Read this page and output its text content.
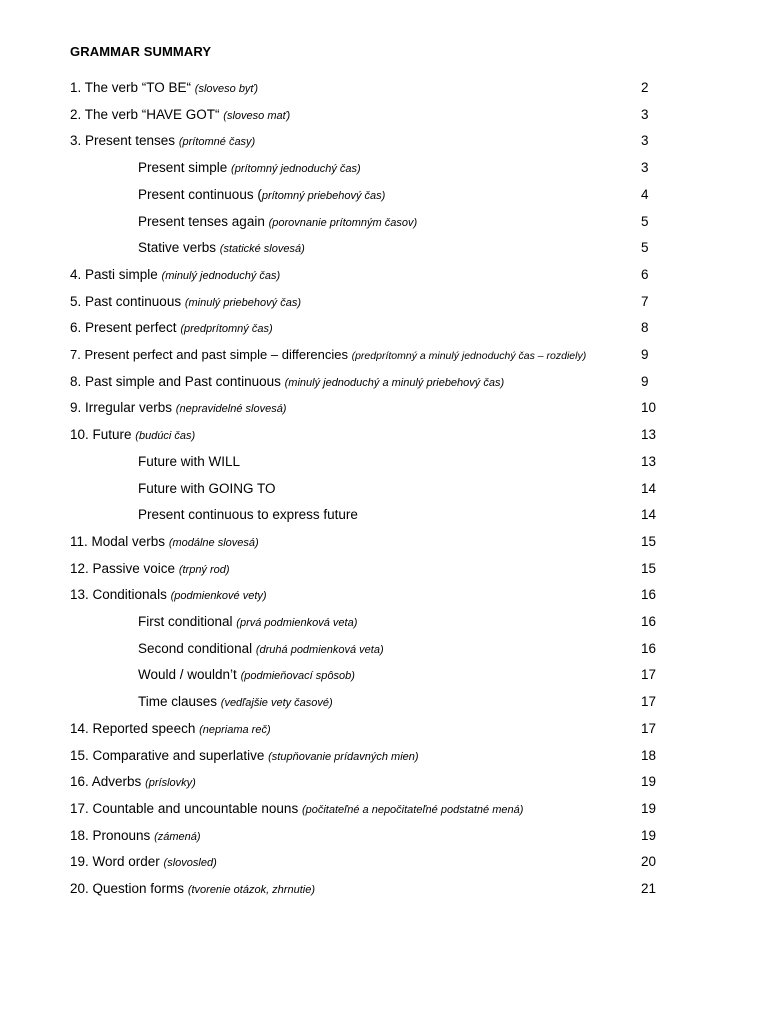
GRAMMAR SUMMARY
1. The verb “TO BE“ (sloveso byť)	2
2. The verb “HAVE GOT“ (sloveso mať)	3
3. Present tenses (prítomné časy)	3
Present simple (prítomný jednoduchý čas)	3
Present continuous (prítomný priebehový čas)	4
Present tenses again (porovnanie prítomným časov)	5
Stative verbs (statické slovesá)	5
4. Pasti simple (minulý jednoduchý čas)	6
5. Past continuous (minulý priebehový čas)	7
6. Present perfect (predprítomný čas)	8
7. Present perfect and past simple – differencies (predprítomný a minulý jednoduchý čas – rozdiely)	9
8. Past simple and Past continuous (minulý jednoduchý a minulý priebehový čas)	9
9. Irregular verbs (nepravidelné slovesá)	10
10. Future (budúci čas)	13
Future with WILL	13
Future with GOING TO	14
Present continuous to express future	14
11. Modal verbs (modálne slovesá)	15
12. Passive voice (trpný rod)	15
13. Conditionals (podmienkové vety)	16
First conditional (prvá podmienková veta)	16
Second conditional (druhá podmienková veta)	16
Would / wouldn’t (podmieňovací spôsob)	17
Time clauses (vedľajšie vety časové)	17
14. Reported speech (nepriama reč)	17
15. Comparative and superlative (stupňovanie prídavných mien)	18
16. Adverbs (príslovky)	19
17. Countable and uncountable nouns (počitateľné a nepočitateľné podstatné mená)	19
18. Pronouns (zámená)	19
19. Word order (slovosled)	20
20. Question forms (tvorenie otázok, zhrnutie)	21
